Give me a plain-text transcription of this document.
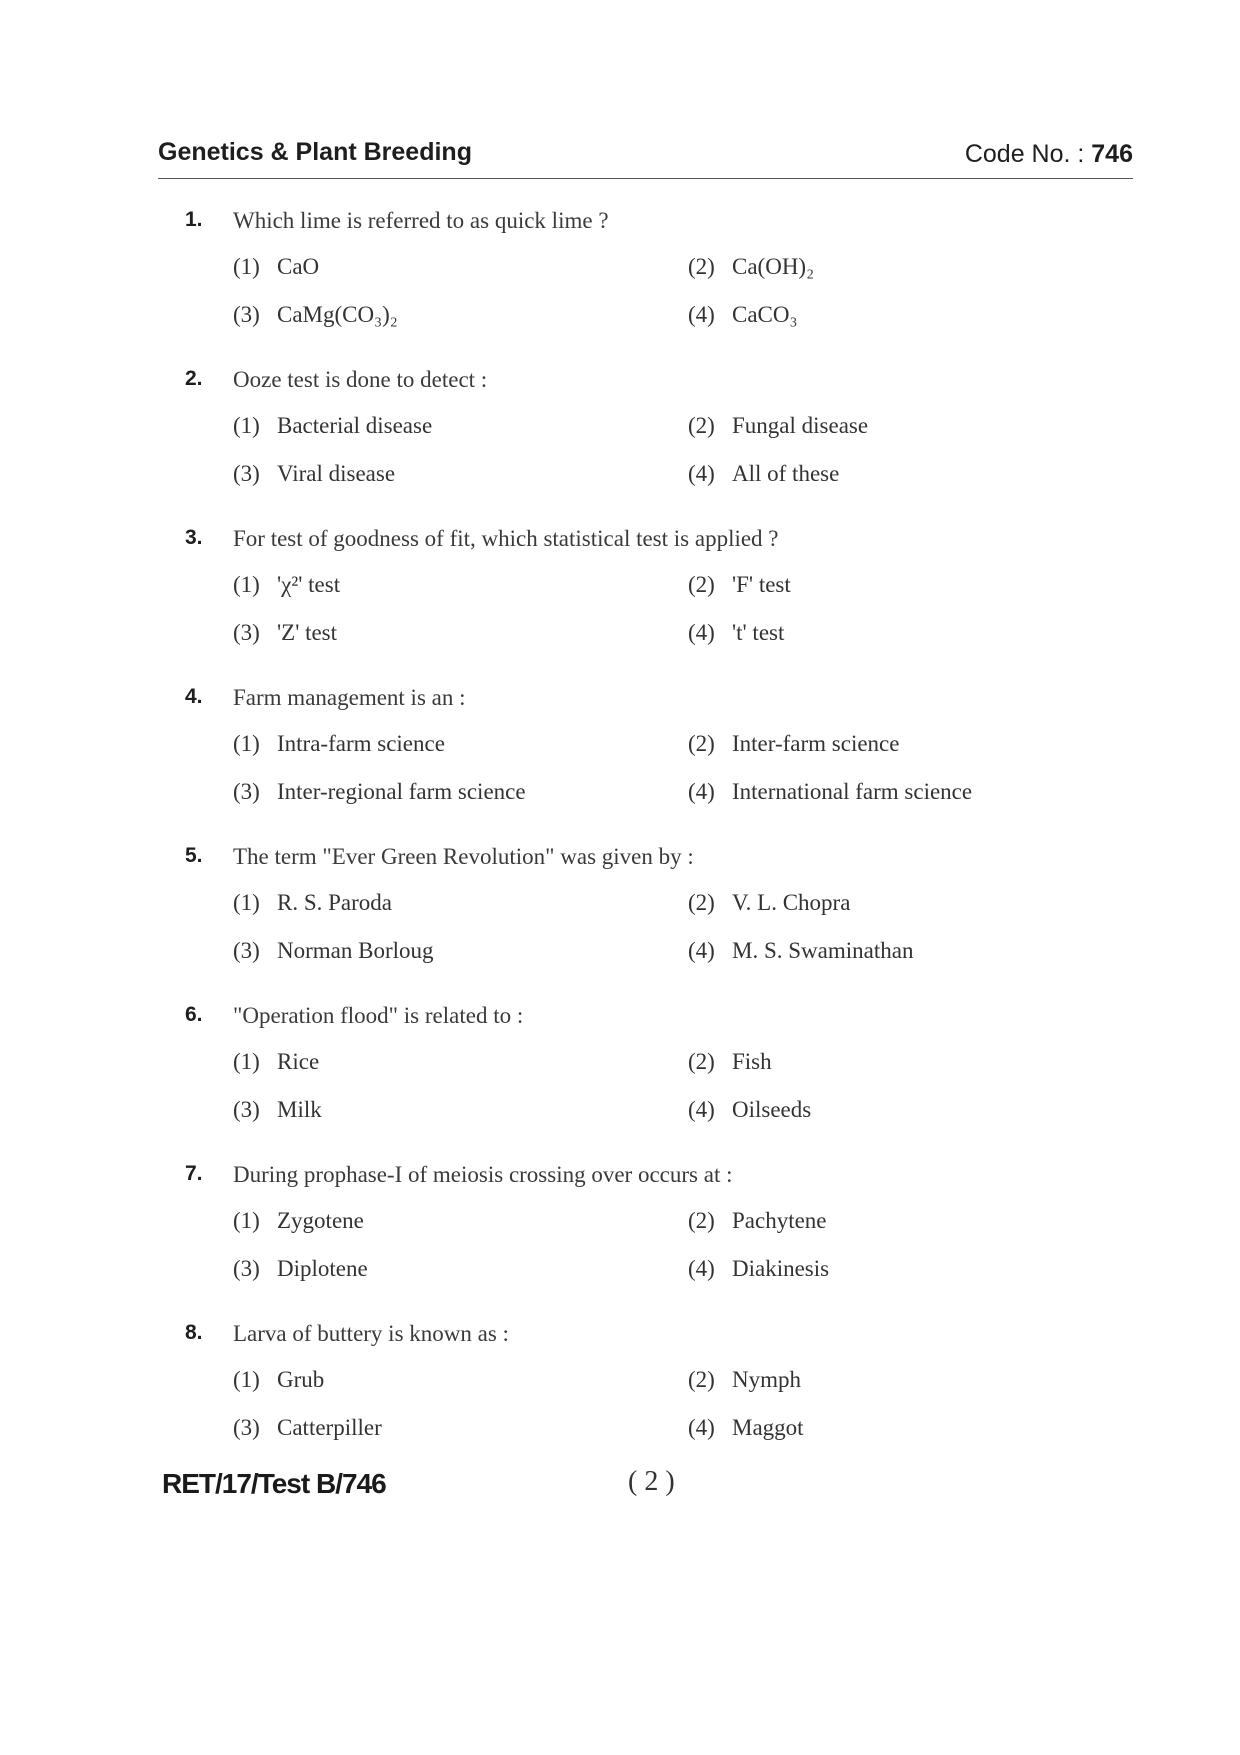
Genetics & Plant Breeding	Code No. : 746
1.	Which lime is referred to as quick lime ?
(1) CaO	(2) Ca(OH)₂
(3) CaMg(CO₃)₂	(4) CaCO₃
2.	Ooze test is done to detect :
(1) Bacterial disease	(2) Fungal disease
(3) Viral disease	(4) All of these
3.	For test of goodness of fit, which statistical test is applied ?
(1) 'χ²' test	(2) 'F' test
(3) 'Z' test	(4) 't' test
4.	Farm management is an :
(1) Intra-farm science	(2) Inter-farm science
(3) Inter-regional farm science	(4) International farm science
5.	The term "Ever Green Revolution" was given by :
(1) R. S. Paroda	(2) V. L. Chopra
(3) Norman Borloug	(4) M. S. Swaminathan
6.	"Operation flood" is related to :
(1) Rice	(2) Fish
(3) Milk	(4) Oilseeds
7.	During prophase-I of meiosis crossing over occurs at :
(1) Zygotene	(2) Pachytene
(3) Diplotene	(4) Diakinesis
8.	Larva of buttery is known as :
(1) Grub	(2) Nymph
(3) Catterpiller	(4) Maggot
RET/17/Test B/746	( 2 )
